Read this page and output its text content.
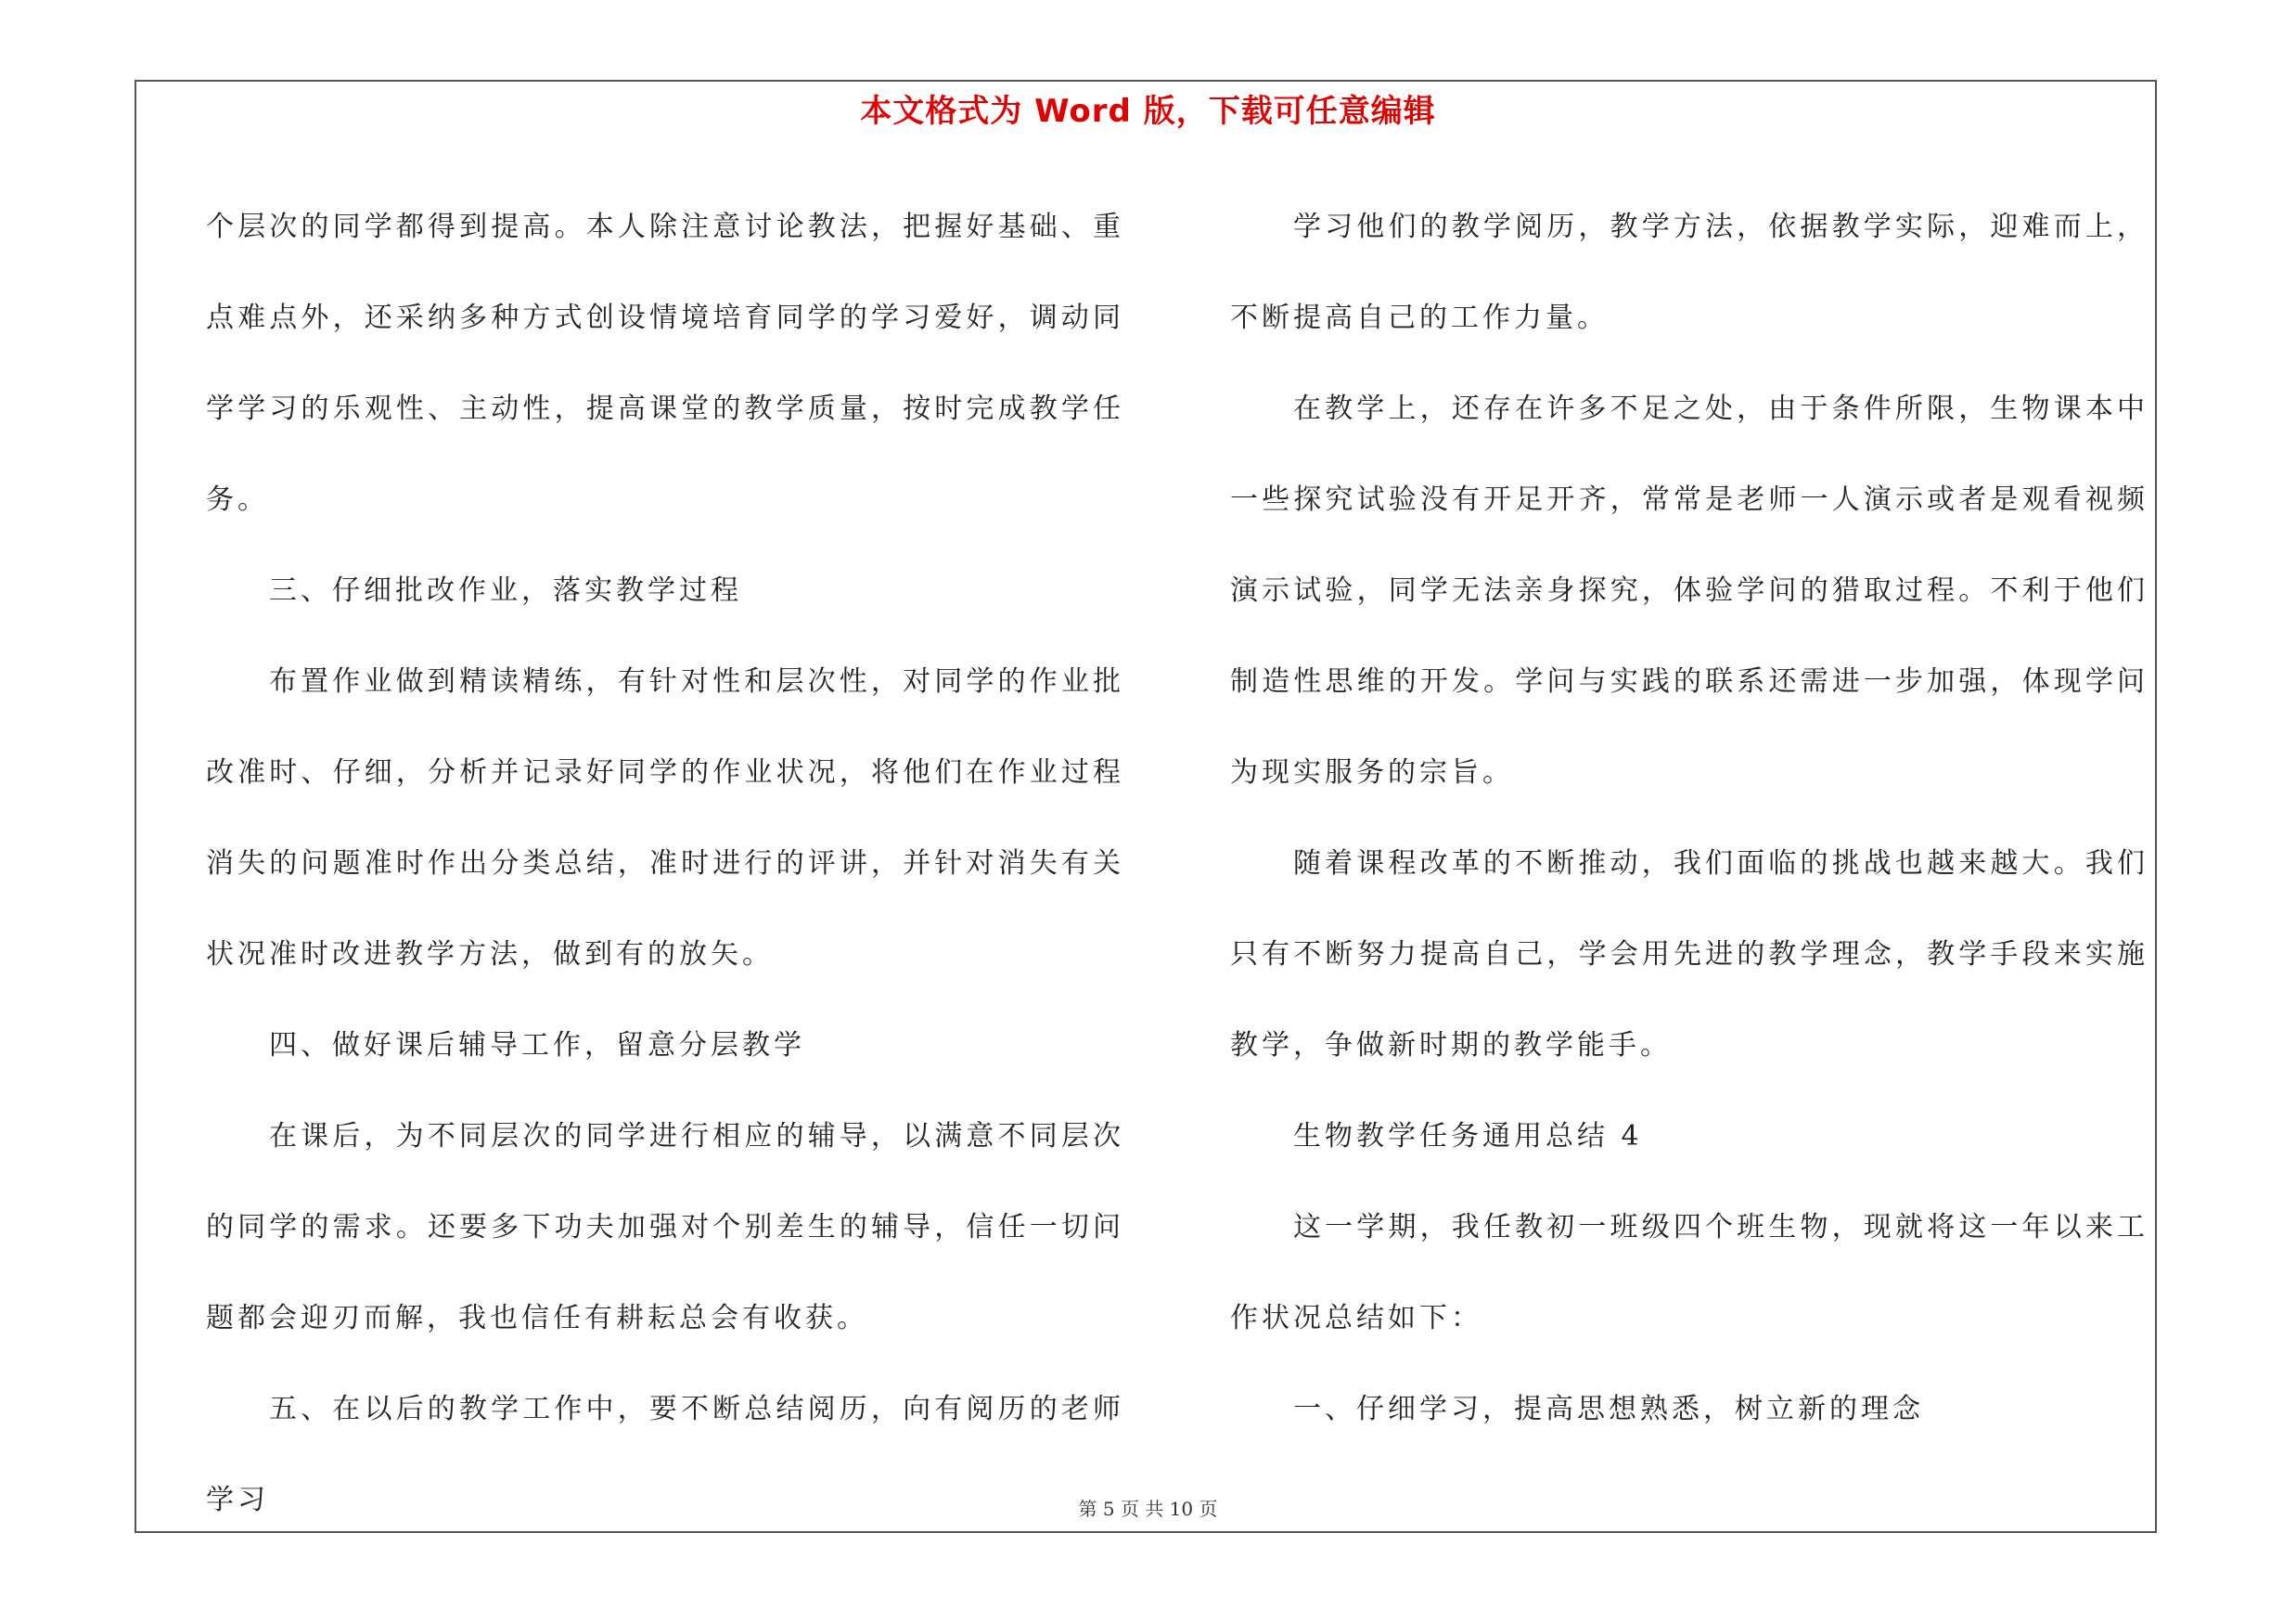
本文格式为 Word 版，下载可任意编辑

个层次的同学都得到提高。本人除注意讨论教法，把握好基础、重点难点外，还采纳多种方式创设情境培育同学的学习爱好，调动同学学习的乐观性、主动性，提高课堂的教学质量，按时完成教学任务。

三、仔细批改作业，落实教学过程

布置作业做到精读精练，有针对性和层次性，对同学的作业批改准时、仔细，分析并记录好同学的作业状况，将他们在作业过程消失的问题准时作出分类总结，准时进行的评讲，并针对消失有关状况准时改进教学方法，做到有的放矢。

四、做好课后辅导工作，留意分层教学

在课后，为不同层次的同学进行相应的辅导，以满意不同层次的同学的需求。还要多下功夫加强对个别差生的辅导，信任一切问题都会迎刃而解，我也信任有耕耘总会有收获。

五、在以后的教学工作中，要不断总结阅历，向有阅历的老师学习

学习他们的教学阅历，教学方法，依据教学实际，迎难而上，不断提高自己的工作力量。

在教学上，还存在许多不足之处，由于条件所限，生物课本中一些探究试验没有开足开齐，常常是老师一人演示或者是观看视频演示试验，同学无法亲身探究，体验学问的猎取过程。不利于他们制造性思维的开发。学问与实践的联系还需进一步加强，体现学问为现实服务的宗旨。

随着课程改革的不断推动，我们面临的挑战也越来越大。我们只有不断努力提高自己，学会用先进的教学理念，教学手段来实施教学，争做新时期的教学能手。

生物教学任务通用总结 4

这一学期，我任教初一班级四个班生物，现就将这一年以来工作状况总结如下：

一、仔细学习，提高思想熟悉，树立新的理念

第 5 页 共 10 页
